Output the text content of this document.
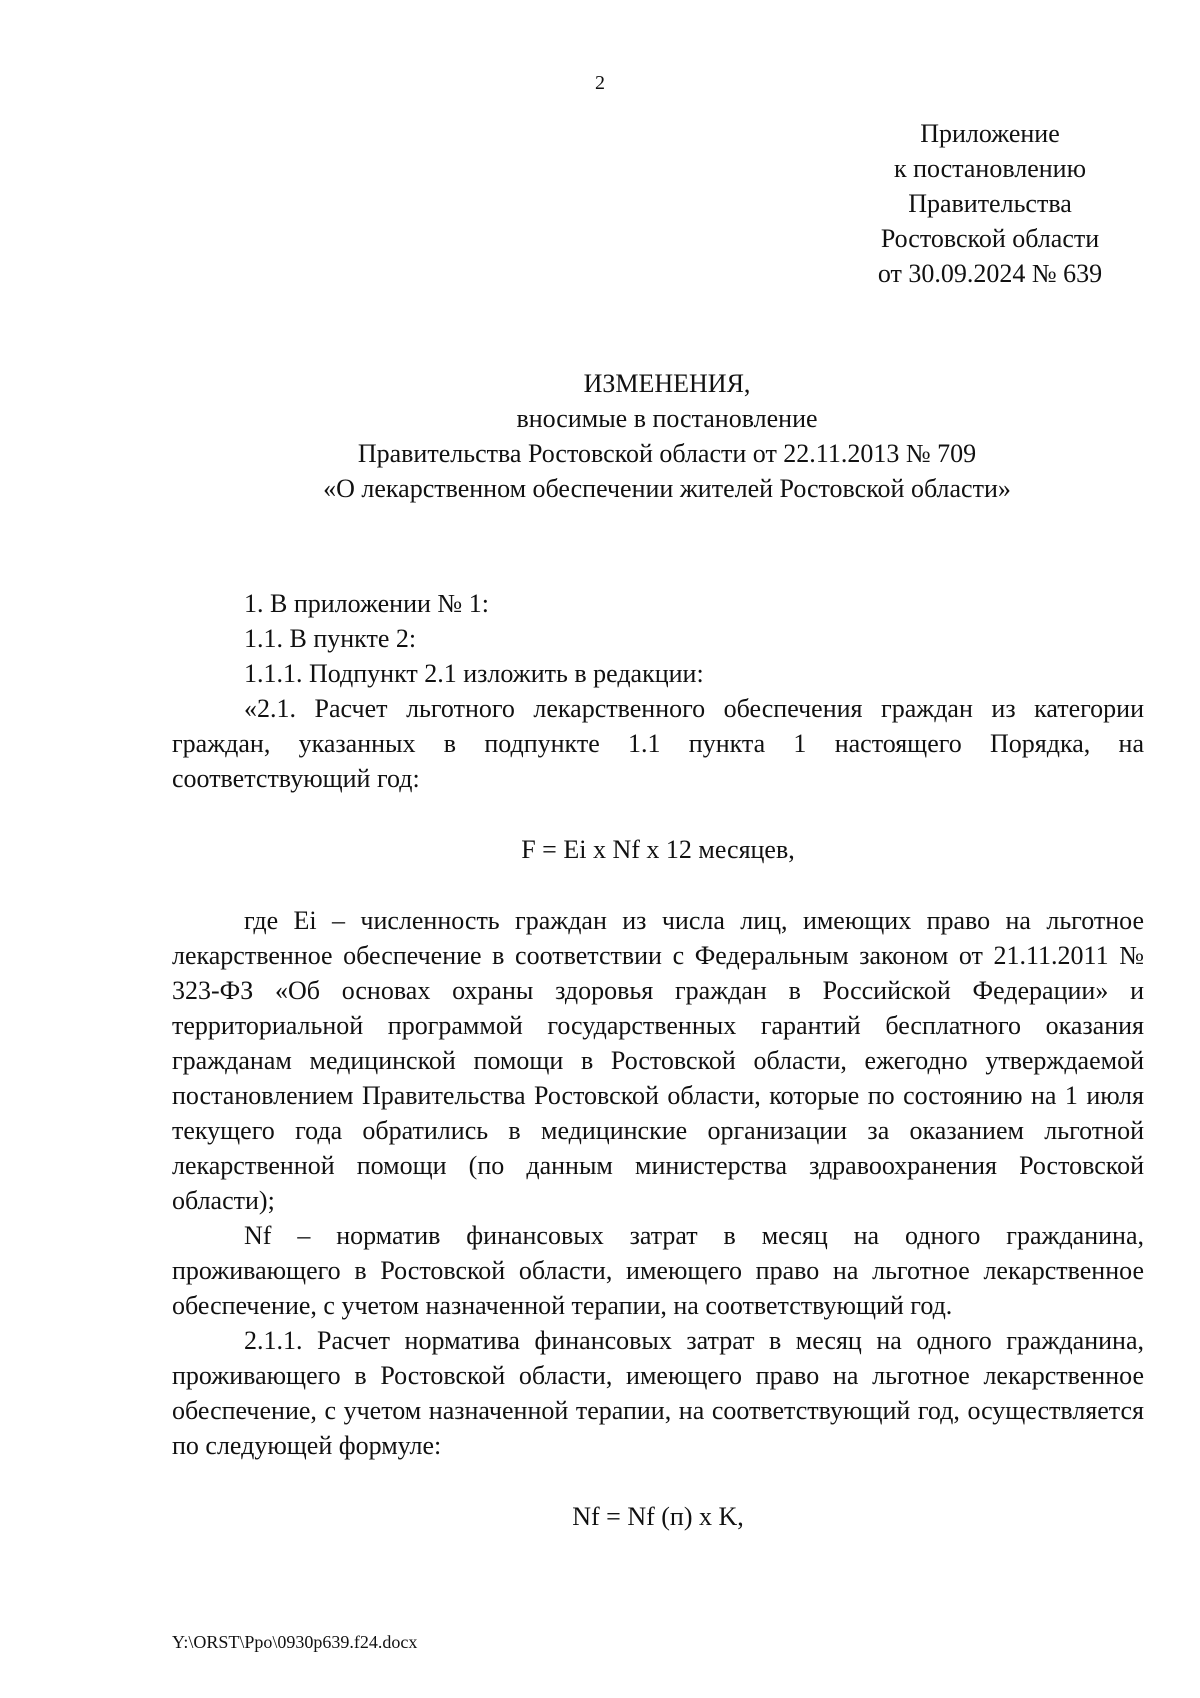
2
Приложение
к постановлению
Правительства
Ростовской области
от 30.09.2024 № 639
ИЗМЕНЕНИЯ,
вносимые в постановление
Правительства Ростовской области от 22.11.2013 № 709
«О лекарственном обеспечении жителей Ростовской области»

1. В приложении № 1:

1.1. В пункте 2:

1.1.1. Подпункт 2.1 изложить в редакции:

«2.1. Расчет льготного лекарственного обеспечения граждан из категории граждан, указанных в подпункте 1.1 пункта 1 настоящего Порядка, на соответствующий год:

F = Ei x Nf x 12 месяцев,

где Ei – численность граждан из числа лиц, имеющих право на льготное лекарственное обеспечение в соответствии с Федеральным законом от 21.11.2011 № 323-ФЗ «Об основах охраны здоровья граждан в Российской Федерации» и территориальной программой государственных гарантий бесплатного оказания гражданам медицинской помощи в Ростовской области, ежегодно утверждаемой постановлением Правительства Ростовской области, которые по состоянию на 1 июля текущего года обратились в медицинские организации за оказанием льготной лекарственной помощи (по данным министерства здравоохранения Ростовской области);

Nf – норматив финансовых затрат в месяц на одного гражданина, проживающего в Ростовской области, имеющего право на льготное лекарственное обеспечение, с учетом назначенной терапии, на соответствующий год.

2.1.1. Расчет норматива финансовых затрат в месяц на одного гражданина, проживающего в Ростовской области, имеющего право на льготное лекарственное обеспечение, с учетом назначенной терапии, на соответствующий год, осуществляется по следующей формуле:

Nf = Nf (п) x K,
Y:\ORST\Ppo\0930p639.f24.docx
